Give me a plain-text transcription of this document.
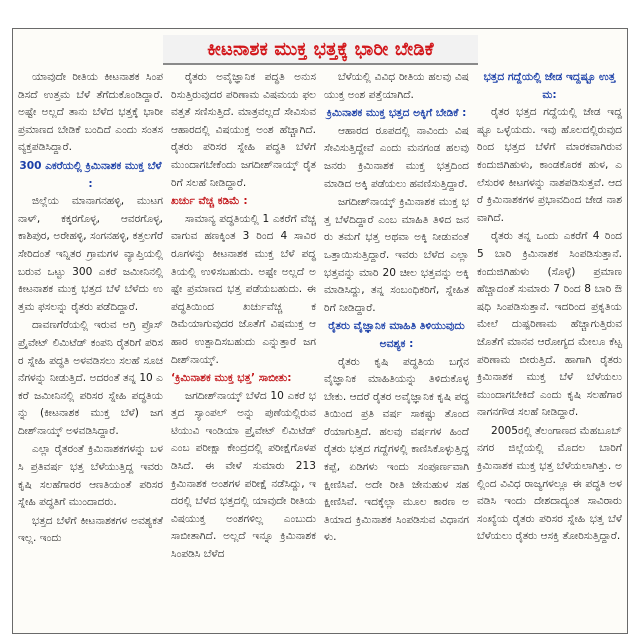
ಕೀಟನಾಶಕ ಮುಕ್ತ ಭತ್ತಕ್ಕೆ ಭಾರೀ ಬೇಡಿಕೆ

ಯಾವುದೇ ರೀತಿಯ ಕೀಟನಾಶಕ ಸಿಂಪಡಿಸದೆ ಉತ್ತಮ ಬೆಳೆ ತೆಗೆದುಕೊಂಡಿದ್ದಾರೆ. ಅಷ್ಟೇ ಅಲ್ಲದೆ ತಾನು ಬೆಳೆದ ಭತ್ತಕ್ಕೆ ಭಾರೀ ಪ್ರಮಾಣದ ಬೇಡಿಕೆ ಬಂದಿದೆ ಎಂದು ಸಂತಸ ವ್ಯಕ್ತಪಡಿಸಿದ್ದಾರೆ.

300 ಎಕರೆಯಲ್ಲಿ ಕ್ರಿಮಿನಾಶಕ ಮುಕ್ತ ಬೆಳೆ :

ಜಿಲ್ಲೆಯ ಮಾನಾಗನಹಳ್ಳಿ, ಮುಟಗನಾಳ್, ಕಕ್ಕರಗೊಳ್ಳ, ಆವರಗೊಳ್ಳ, ಕಾಶಿಪುರ, ಅರೇಹಳ್ಳಿ, ಸಂಗನಹಳ್ಳಿ, ಕತ್ತಲಗೆರೆ ಸೇರಿದಂತೆ ಇನ್ನಿತರ ಗ್ರಾಮಗಳ ವ್ಯಾಪ್ತಿಯಲ್ಲಿ ಬರುವ ಒಟ್ಟು 300 ಎಕರೆ ಜಮೀನಿನಲ್ಲಿ ಕೀಟನಾಶಕ ಮುಕ್ತ ಭತ್ತದ ಬೆಳೆ ಬೆಳೆದು ಉತ್ತಮ ಫಸಲನ್ನು ರೈತರು ಪಡೆದಿದ್ದಾರೆ.

ದಾವಣಗೆರೆಯಲ್ಲಿ ಇರುವ ಅಗ್ರಿ ಪ್ರೊಸ್ ಪ್ರೈವೇಟ್ ಲಿಮಿಟೆಡ್ ಕಂಪನಿ ರೈತರಿಗೆ ಪರಿಸರ ಸ್ನೇಹಿ ಪದ್ಧತಿ ಅಳವಡಿಸಲು ಸಲಹೆ ಸೂಚನೆಗಳನ್ನು ನೀಡುತ್ತಿದೆ. ಅದರಂತೆ ತನ್ನ 10 ಎಕರೆ ಜಮೀನಿನಲ್ಲಿ ಪರಿಸರ ಸ್ನೇಹಿ ಪದ್ಧತಿಯನ್ನು (ಕೀಟನಾಶಕ ಮುಕ್ತ ಬೆಳೆ) ಜಗದೀಶ್‌ನಾಯ್ಕ್ ಅಳವಡಿಸಿದ್ದಾರೆ.

ಎಲ್ಲಾ ರೈತರಂತೆ ಕ್ರಿಮಿನಾಶಕಗಳನ್ನು ಬಳಸಿ ಪ್ರತಿವರ್ಷ ಭತ್ತ ಬೆಳೆಯುತ್ತಿದ್ದ ಇವರು ಕೃಷಿ ಸಲಹೆಗಾರರ ಆಣತಿಯಂತೆ ಪರಿಸರ ಸ್ನೇಹಿ ಪದ್ಧತಿಗೆ ಮುಂದಾದರು.

ಭತ್ತದ ಬೆಳೆಗೆ ಕೀಟನಾಶಕಗಳ ಅವಶ್ಯಕತೆ ಇಲ್ಲ. ಇಂದು

ರೈತರು ಅವೈಜ್ಞಾನಿಕ ಪದ್ಧತಿ ಅನುಸರಿಸುತ್ತಿರುವುದರ ಪರಿಣಾಮ ವಿಷಮಯ ಫಲವತ್ತತೆ ಸಣಿಸುತ್ತಿದೆ. ಮಾತ್ರವಲ್ಲದೆ ಸೇವಿಸುವ ಆಹಾರದಲ್ಲಿ ವಿಷಯುಕ್ತ ಅಂಶ ಹೆಚ್ಚಾಗಿದೆ. ರೈತರು ಪರಿಸರ ಸ್ನೇಹಿ ಪದ್ಧತಿ ಬೆಳೆಗೆ ಮುಂದಾಗಬೇಕೆಂದು ಜಗದೀಶ್‌ನಾಯ್ಕ್ ರೈತರಿಗೆ ಸಲಹೆ ನೀಡಿದ್ದಾರೆ.

ಖರ್ಚು ವೆಚ್ಚ ಕಡಿಮೆ :

ಸಾಮಾನ್ಯ ಪದ್ಧತಿಯಲ್ಲಿ 1 ಎಕರೆಗೆ ವೆಚ್ಚವಾಗುವ ಹಣಕ್ಕಿಂತ 3 ರಿಂದ 4 ಸಾವಿರ ರೂಗಳನ್ನು ಕೀಟನಾಶಕ ಮುಕ್ತ ಬೆಳೆ ಪದ್ಧತಿಯಲ್ಲಿ ಉಳಿಸಬಹುದು. ಅಷ್ಟೇ ಅಲ್ಲದೆ ಅಷ್ಟೇ ಪ್ರಮಾಣದ ಭತ್ತ ಪಡೆಯಬಹುದು. ಈ ಪದ್ಧತಿಯಿಂದ ಖರ್ಚುವೆಚ್ಚ ಕಡಿಮೆಯಾಗುವುದರ ಜೊತೆಗೆ ವಿಷಮುಕ್ತ ಆಹಾರ ಉತ್ಪಾದಿಸಬಹುದು ಎನ್ನುತ್ತಾರೆ ಜಗದೀಶ್‌ನಾಯ್ಕ್.

‘ಕ್ರಿಮಿನಾಶಕ ಮುಕ್ತ ಭತ್ತ’ ಸಾಬೀತು:

ಜಗದೀಶ್‌ನಾಯ್ಕ್ ಬೆಳೆದ 10 ಎಕರೆ ಭತ್ತದ ಸ್ಯಾಂಪಲ್ ಅನ್ನು ಪುಣೆಯಲ್ಲಿರುವ ಟಿಯುವಿ ಇಂಡಿಯಾ ಪ್ರೈವೇಟ್ ಲಿಮಿಟೆಡ್ ಎಂಬ ಪರೀಕ್ಷಾ ಕೇಂದ್ರದಲ್ಲಿ ಪರೀಕ್ಷೆಗೊಳಪಡಿಸಿದೆ. ಈ ವೇಳೆ ಸುಮಾರು 213 ಕ್ರಿಮಿನಾಶಕ ಅಂಶಗಳ ಪರೀಕ್ಷೆ ನಡೆಸಿದ್ದು, ಇದರಲ್ಲಿ ಬೆಳೆದ ಭತ್ತದಲ್ಲಿ ಯಾವುದೇ ರೀತಿಯ ವಿಷಯುಕ್ತ ಅಂಶಗಳಿಲ್ಲ ಎಂಬುದು ಸಾಬೀತಾಗಿದೆ. ಅಲ್ಲದೆ ಇನ್ನೂ ಕ್ರಿಮಿನಾಶಕ ಸಿಂಪಡಿಸಿ ಬೆಳೆದ

ಬೆಳೆಯಲ್ಲಿ ವಿವಿಧ ರೀತಿಯ ಹಲವು ವಿಷಯುಕ್ತ ಅಂಶ ಪತ್ತೆಯಾಗಿದೆ.

ಕ್ರಿಮಿನಾಶಕ ಮುಕ್ತ ಭತ್ತದ ಅಕ್ಕಿಗೆ ಬೇಡಿಕೆ :

ಆಹಾರದ ರೂಪದಲ್ಲಿ ನಾವಿಂದು ವಿಷ ಸೇವಿಸುತ್ತಿದ್ದೇವೆ ಎಂದು ಮನಗಂಡ ಹಲವು ಜನರು ಕ್ರಿಮಿನಾಶಕ ಮುಕ್ತ ಭತ್ತದಿಂದ ಮಾಡಿದ ಅಕ್ಕಿ ಪಡೆಯಲು ಹವಣಿಸುತ್ತಿದ್ದಾರೆ.

ಜಗದೀಶ್‌ನಾಯ್ಕ್ ಕ್ರಿಮಿನಾಶಕ ಮುಕ್ತ ಭತ್ತ ಬೆಳೆದಿದ್ದಾರೆ ಎಂಬ ಮಾಹಿತಿ ತಿಳಿದ ಜನರು ತಮಗೆ ಭತ್ತ ಅಥವಾ ಅಕ್ಕಿ ನೀಡುವಂತೆ ಒತ್ತಾಯಿಸುತ್ತಿದ್ದಾರೆ. ಇವರು ಬೆಳೆದ ಎಲ್ಲಾ ಭತ್ತವನ್ನು ಮಾರಿ 20 ಚೀಲ ಭತ್ತವನ್ನು ಅಕ್ಕಿ ಮಾಡಿಸಿದ್ದು, ತನ್ನ ಸಂಬಂಧಿಕರಿಗೆ, ಸ್ನೇಹಿತರಿಗೆ ನೀಡಿದ್ದಾರೆ.

ರೈತರು ವೈಜ್ಞಾನಿಕ ಮಾಹಿತಿ ತಿಳಿಯುವುದು ಅವಶ್ಯಕ :

ರೈತರು ಕೃಷಿ ಪದ್ಧತಿಯ ಬಗ್ಗೆನ ವೈಜ್ಞಾನಿಕ ಮಾಹಿತಿಯನ್ನು ತಿಳಿದುಕೊಳ್ಳಬೇಕು. ಆದರೆ ರೈತರ ಅವೈಜ್ಞಾನಿಕ ಕೃಷಿ ಪದ್ಧತಿಯಿಂದ ಪ್ರತಿ ವರ್ಷ ಸಾಕಷ್ಟು ತೊಂದರೆಯಾಗುತ್ತಿದೆ. ಹಲವು ವರ್ಷಗಳ ಹಿಂದೆ ರೈತರು ಭತ್ತದ ಗದ್ದೆಗಳಲ್ಲಿ ಕಾಣಿಸಿಕೊಳ್ಳುತ್ತಿದ್ದ ಕಪ್ಪೆ, ಏಡಿಗಳು ಇಂದು ಸಂಪೂರ್ಣವಾಗಿ ಕ್ಷೀಣಿಸಿವೆ. ಅದೇ ರೀತಿ ಜೇನುಹುಳ ಸಹ ಕ್ಷೀಣಿಸಿವೆ. ಇದಕ್ಕೆಲ್ಲಾ ಮೂಲ ಕಾರಣ ಅತಿಯಾದ ಕ್ರಿಮಿನಾಶಕ ಸಿಂಪಡಿಸುವ ವಿಧಾನಗಳು.

ಭತ್ತದ ಗದ್ದೆಯಲ್ಲಿ ಜೇಡ ಇದ್ದಷ್ಟೂ ಉತ್ತಮ:

ರೈತರ ಭತ್ತದ ಗದ್ದೆಯಲ್ಲಿ ಜೇಡ ಇದ್ದಷ್ಟೂ ಒಳ್ಳೆಯದು. ಇವು ಹೊಲದಲ್ಲಿರುವುದರಿಂದ ಭತ್ತದ ಬೆಳೆಗೆ ಮಾರಕವಾಗಿರುವ ಕಂದುಜಿಗಿಹುಳು, ಕಾಂಡಕೊರಕ ಹುಳ, ಎಲೆಸುರಳಿ ಕೀಟಗಳನ್ನು ನಾಶಪಡಿಸುತ್ತವೆ. ಆದರೆ ಕ್ರಿಮಿನಾಶಕಗಳ ಪ್ರಭಾವದಿಂದ ಜೇಡ ನಾಶವಾಗಿದೆ.

ರೈತರು ತನ್ನ ಒಂದು ಎಕರೆಗೆ 4 ರಿಂದ 5 ಬಾರಿ ಕ್ರಿಮಿನಾಶಕ ಸಿಂಪಡಿಸುತ್ತಾನೆ. ಕಂದುಜಿಗಿಹುಳು (ಸೊಳ್ಳೆ) ಪ್ರಮಾಣ ಹೆಚ್ಚಾದಂತೆ ಸುಮಾರು 7 ರಿಂದ 8 ಬಾರಿ ಔಷಧಿ ಸಿಂಪಡಿಸುತ್ತಾನೆ. ಇದರಿಂದ ಪ್ರಕೃತಿಯ ಮೇಲೆ ದುಷ್ಪರಿಣಾಮ ಹೆಚ್ಚಾಗುತ್ತಿರುವ ಜೊತೆಗೆ ಮಾನವ ಆರೋಗ್ಯದ ಮೇಲೂ ಕೆಟ್ಟ ಪರಿಣಾಮ ಬೀರುತ್ತಿದೆ. ಹಾಗಾಗಿ ರೈತರು ಕ್ರಿಮಿನಾಶಕ ಮುಕ್ತ ಬೆಳೆ ಬೆಳೆಯಲು ಮುಂದಾಗಬೇಕಿದೆ ಎಂದು ಕೃಷಿ ಸಲಹೆಗಾರ ನಾಗನಗೌಡ ಸಲಹೆ ನೀಡಿದ್ದಾರೆ.

2005ರಲ್ಲಿ ತೆಲಂಗಾಣದ ಮೆಹಬೂಬ್ ನಗರ ಜಿಲ್ಲೆಯಲ್ಲಿ ಮೊದಲ ಬಾರಿಗೆ ಕ್ರಿಮಿನಾಶಕ ಮುಕ್ತ ಭತ್ತ ಬೆಳೆಯಲಾಗಿತ್ತು. ಅಲ್ಲಿಂದ ವಿವಿಧ ರಾಜ್ಯಗಳಲ್ಲೂ ಈ ಪದ್ಧತಿ ಅಳವಡಿಸಿ ಇಂದು ದೇಶದಾದ್ಯಂತ ಸಾವಿರಾರು ಸಂಖ್ಯೆಯ ರೈತರು ಪರಿಸರ ಸ್ನೇಹಿ ಭತ್ತ ಬೆಳೆ ಬೆಳೆಯಲು ರೈತರು ಆಸಕ್ತಿ ತೋರಿಸುತ್ತಿದ್ದಾರೆ.
